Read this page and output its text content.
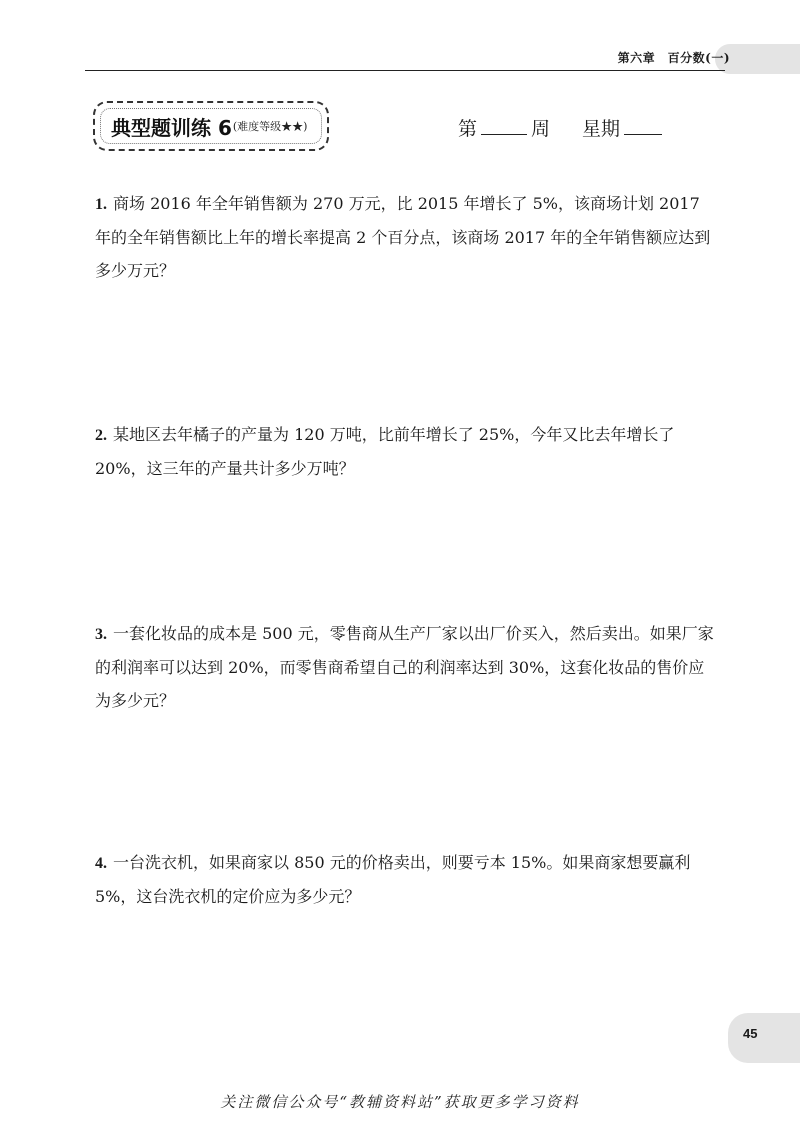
第六章　百分数(一)
典型题训练 6 (难度等级★★)	第	周 星期
1. 商场 2016 年全年销售额为 270 万元，比 2015 年增长了 5%，该商场计划 2017 年的全年销售额比上年的增长率提高 2 个百分点，该商场 2017 年的全年销售额应达到多少万元？
2. 某地区去年橘子的产量为 120 万吨，比前年增长了 25%，今年又比去年增长了 20%，这三年的产量共计多少万吨？
3. 一套化妆品的成本是 500 元，零售商从生产厂家以出厂价买入，然后卖出。如果厂家的利润率可以达到 20%，而零售商希望自己的利润率达到 30%，这套化妆品的售价应为多少元？
4. 一台洗衣机，如果商家以 850 元的价格卖出，则要亏本 15%。如果商家想要赢利 5%，这台洗衣机的定价应为多少元？
45
关注微信公众号“教辅资料站”获取更多学习资料
